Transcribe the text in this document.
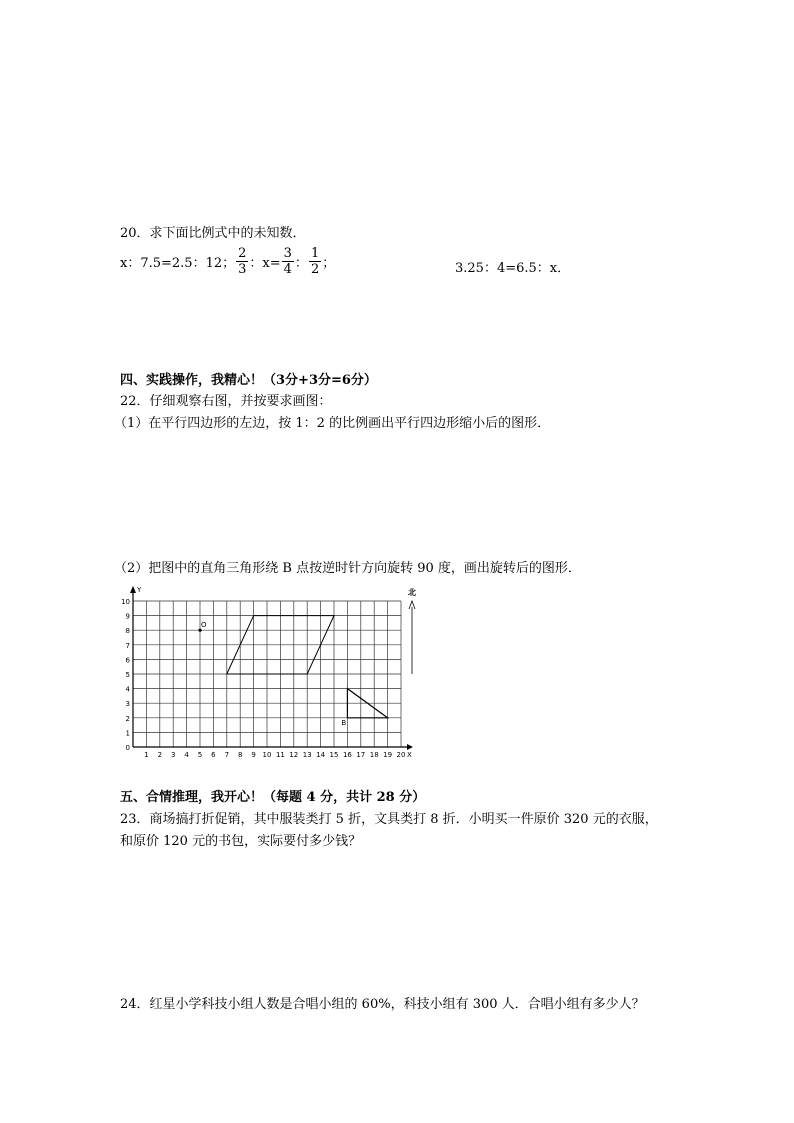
20．求下面比例式中的未知数．
x：7.5=2.5：12； $\frac{2}{3}$ ：$x= \frac{3}{4}$ ： $\frac{1}{2}$ ；	3.25：4=6.5：x．
四、实践操作，我精心！（3分+3分=6分）
22．仔细观察右图，并按要求画图：
（1）在平行四边形的左边，按 1：2 的比例画出平行四边形缩小后的图形．
（2）把图中的直角三角形绕 B 点按逆时针方向旋转 90 度，画出旋转后的图形．
1 2 3 4 5 6 7 8 9 10 11 12 13 14 15 16 17 18 19 20
1
2
3
4
5
6
7
8
9
10
0
Y
X
北
O
B
五、合情推理，我开心！（每题 4 分，共计 28 分）
23．商场搞打折促销，其中服装类打 5 折，文具类打 8 折．小明买一件原价 320 元的衣服，
和原价 120 元的书包，实际要付多少钱？
24．红星小学科技小组人数是合唱小组的 60%，科技小组有 300 人．合唱小组有多少人？
